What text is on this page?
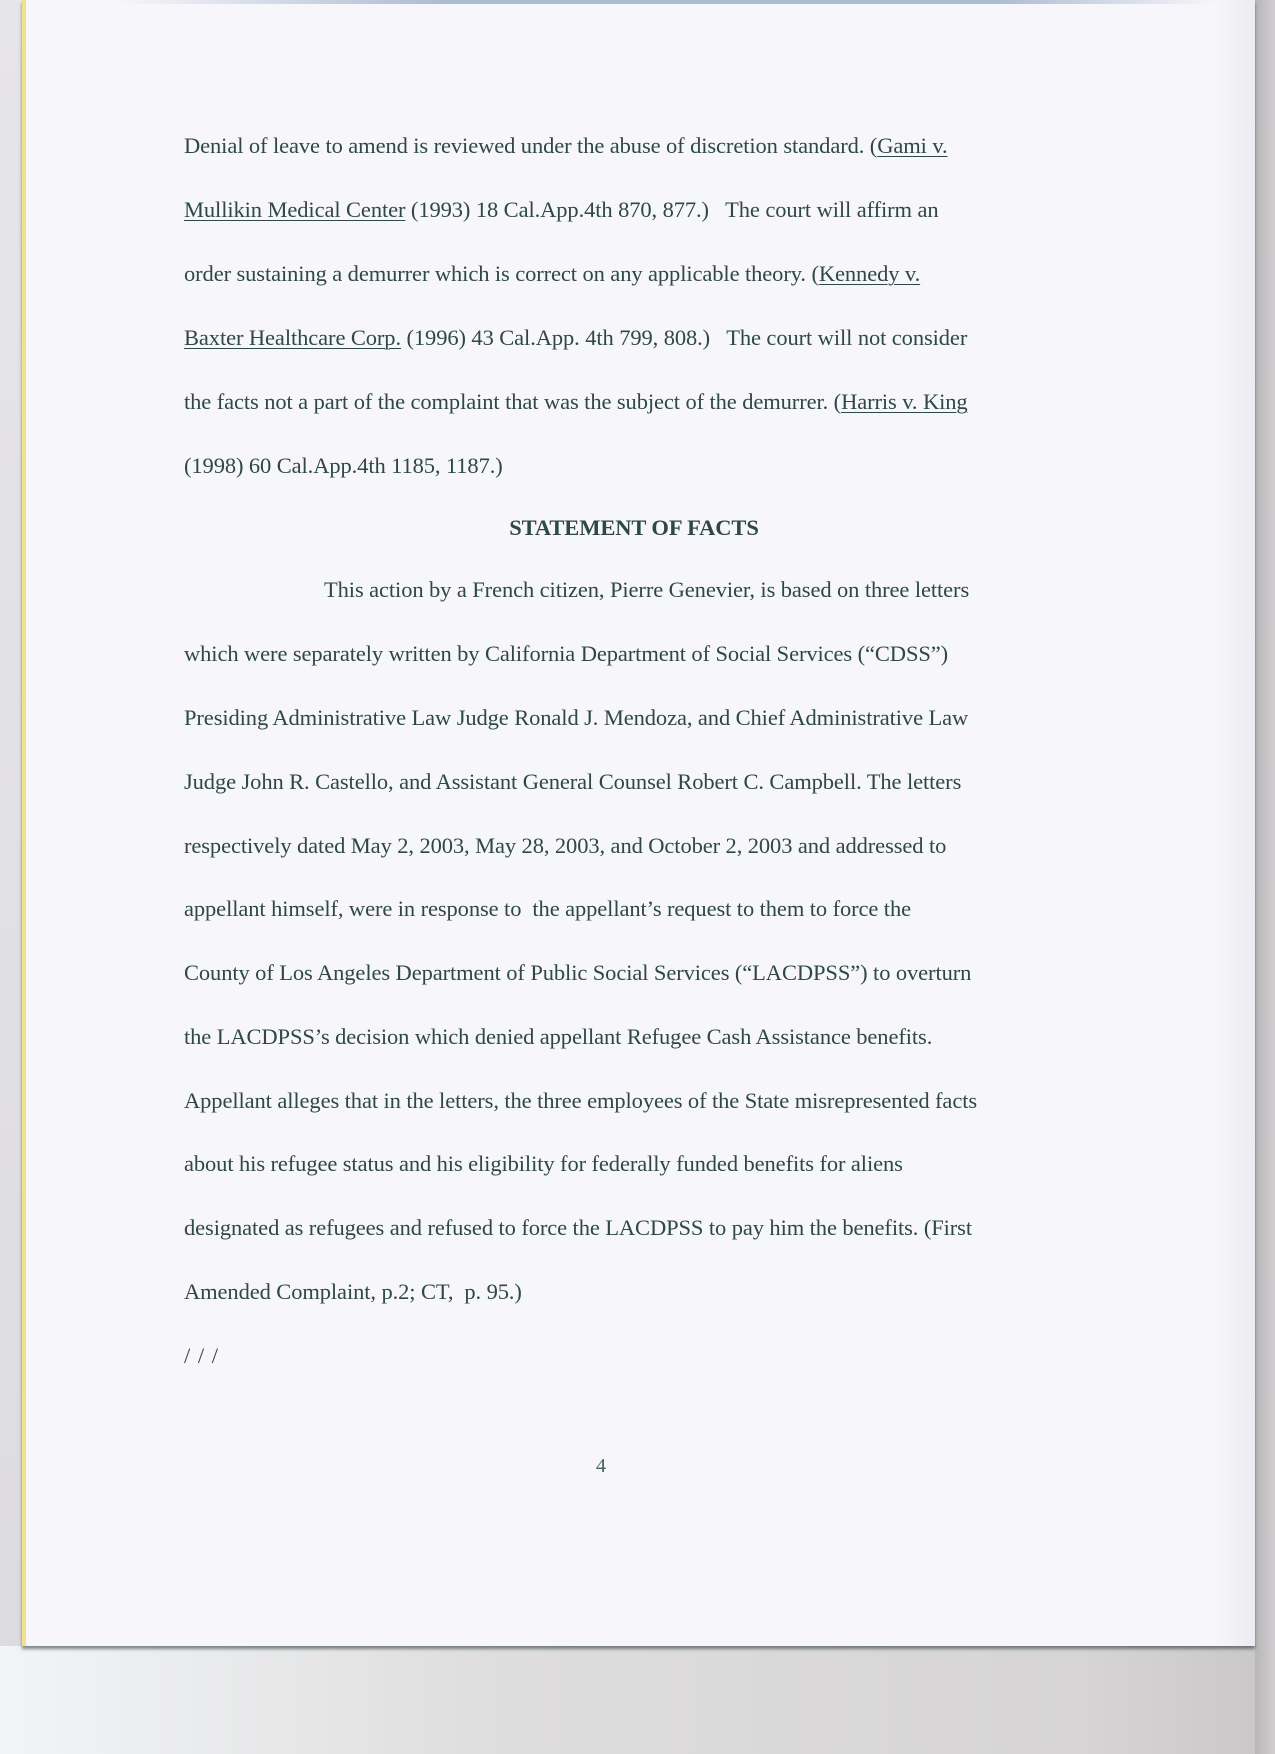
Denial of leave to amend is reviewed under the abuse of discretion standard. (Gami v.
Mullikin Medical Center (1993) 18 Cal.App.4th 870, 877.)   The court will affirm an
order sustaining a demurrer which is correct on any applicable theory. (Kennedy v.
Baxter Healthcare Corp. (1996) 43 Cal.App. 4th 799, 808.)   The court will not consider
the facts not a part of the complaint that was the subject of the demurrer. (Harris v. King
(1998) 60 Cal.App.4th 1185, 1187.)
STATEMENT OF FACTS
This action by a French citizen, Pierre Genevier, is based on three letters
which were separately written by California Department of Social Services (“CDSS”)
Presiding Administrative Law Judge Ronald J. Mendoza, and Chief Administrative Law
Judge John R. Castello, and Assistant General Counsel Robert C. Campbell. The letters
respectively dated May 2, 2003, May 28, 2003, and October 2, 2003 and addressed to
appellant himself, were in response to  the appellant’s request to them to force the
County of Los Angeles Department of Public Social Services (“LACDPSS”) to overturn
the LACDPSS’s decision which denied appellant Refugee Cash Assistance benefits.
Appellant alleges that in the letters, the three employees of the State misrepresented facts
about his refugee status and his eligibility for federally funded benefits for aliens
designated as refugees and refused to force the LACDPSS to pay him the benefits. (First
Amended Complaint, p.2; CT,  p. 95.)
/ / /
4
